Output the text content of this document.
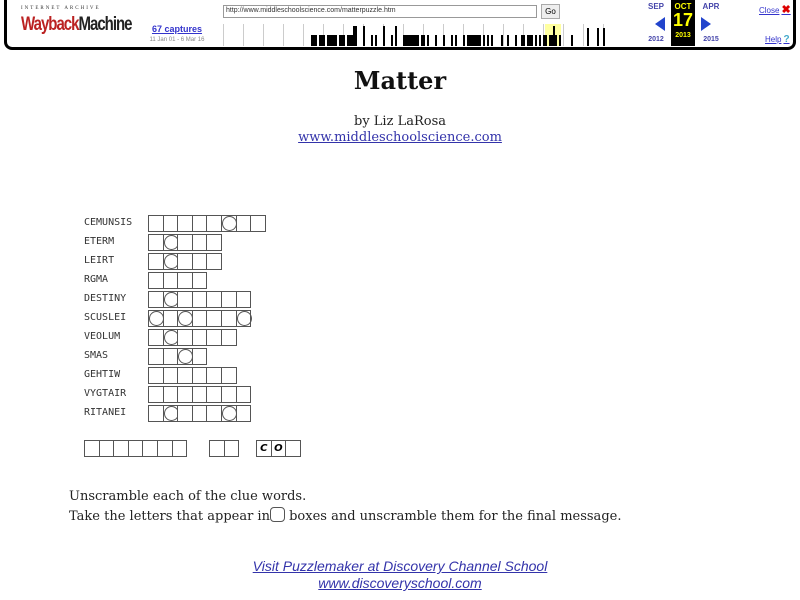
INTERNET ARCHIVE
WaybackMachine	67 captures
11 Jan 01 - 6 Mar 16
http://www.middleschoolscience.com/matterpuzzle.htm	Go
SEP
2012
OCT
17
2013
APR
2015
Close ✖
Help ?
Matter
by Liz LaRosa
www.middleschoolscience.com
CEMUNSIS
ETERM
LEIRT
RGMA
DESTINY
SCUSLEI
VEOLUM
SMAS
GEHTIW
VYGTAIR
RITANEI
C O
Unscramble each of the clue words.
Take the letters that appear in boxes and unscramble them for the final message.
Visit Puzzlemaker at Discovery Channel School
www.discoveryschool.com
